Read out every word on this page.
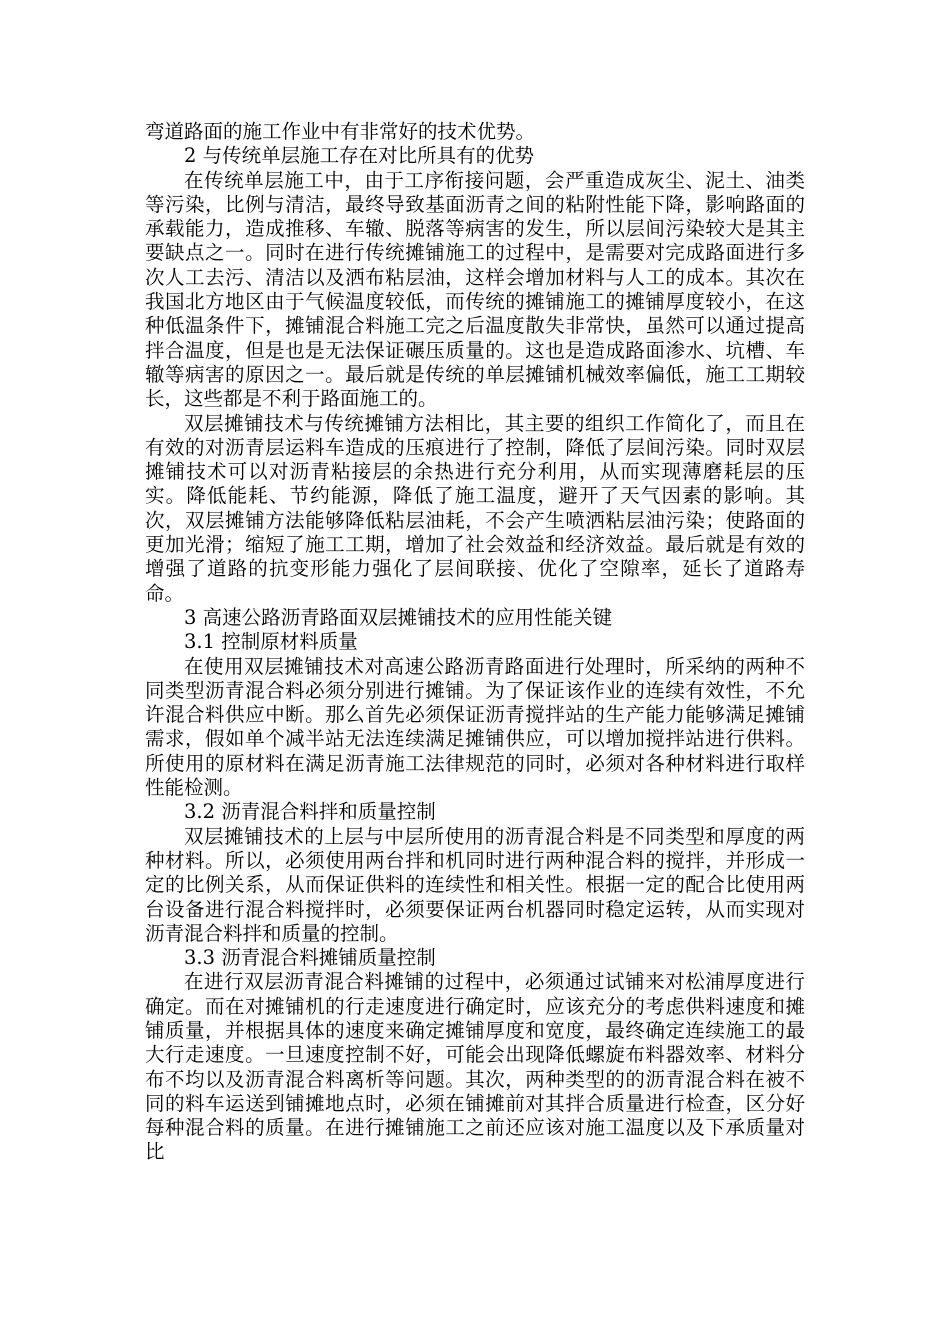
弯道路面的施工作业中有非常好的技术优势。

2 与传统单层施工存在对比所具有的优势

在传统单层施工中，由于工序衔接问题，会严重造成灰尘、泥土、油类等污染，比例与清洁，最终导致基面沥青之间的粘附性能下降，影响路面的承载能力，造成推移、车辙、脱落等病害的发生，所以层间污染较大是其主要缺点之一。同时在进行传统摊铺施工的过程中，是需要对完成路面进行多次人工去污、清洁以及洒布粘层油，这样会增加材料与人工的成本。其次在我国北方地区由于气候温度较低，而传统的摊铺施工的摊铺厚度较小，在这种低温条件下，摊铺混合料施工完之后温度散失非常快，虽然可以通过提高拌合温度，但是也是无法保证碾压质量的。这也是造成路面渗水、坑槽、车辙等病害的原因之一。最后就是传统的单层摊铺机械效率偏低，施工工期较长，这些都是不利于路面施工的。

双层摊铺技术与传统摊铺方法相比，其主要的组织工作简化了，而且在有效的对沥青层运料车造成的压痕进行了控制，降低了层间污染。同时双层摊铺技术可以对沥青粘接层的余热进行充分利用，从而实现薄磨耗层的压实。降低能耗、节约能源，降低了施工温度，避开了天气因素的影响。其次，双层摊铺方法能够降低粘层油耗，不会产生喷洒粘层油污染；使路面的更加光滑；缩短了施工工期，增加了社会效益和经济效益。最后就是有效的增强了道路的抗变形能力强化了层间联接、优化了空隙率，延长了道路寿命。

3 高速公路沥青路面双层摊铺技术的应用性能关键

3.1 控制原材料质量

在使用双层摊铺技术对高速公路沥青路面进行处理时，所采纳的两种不同类型沥青混合料必须分别进行摊铺。为了保证该作业的连续有效性，不允许混合料供应中断。那么首先必须保证沥青搅拌站的生产能力能够满足摊铺需求，假如单个减半站无法连续满足摊铺供应，可以增加搅拌站进行供料。所使用的原材料在满足沥青施工法律规范的同时，必须对各种材料进行取样性能检测。

3.2 沥青混合料拌和质量控制

双层摊铺技术的上层与中层所使用的沥青混合料是不同类型和厚度的两种材料。所以，必须使用两台拌和机同时进行两种混合料的搅拌，并形成一定的比例关系，从而保证供料的连续性和相关性。根据一定的配合比使用两台设备进行混合料搅拌时，必须要保证两台机器同时稳定运转，从而实现对沥青混合料拌和质量的控制。

3.3 沥青混合料摊铺质量控制

在进行双层沥青混合料摊铺的过程中，必须通过试铺来对松浦厚度进行确定。而在对摊铺机的行走速度进行确定时，应该充分的考虑供料速度和摊铺质量，并根据具体的速度来确定摊铺厚度和宽度，最终确定连续施工的最大行走速度。一旦速度控制不好，可能会出现降低螺旋布料器效率、材料分布不均以及沥青混合料离析等问题。其次，两种类型的的沥青混合料在被不同的料车运送到铺摊地点时，必须在铺摊前对其拌合质量进行检查，区分好每种混合料的质量。在进行摊铺施工之前还应该对施工温度以及下承质量对比
